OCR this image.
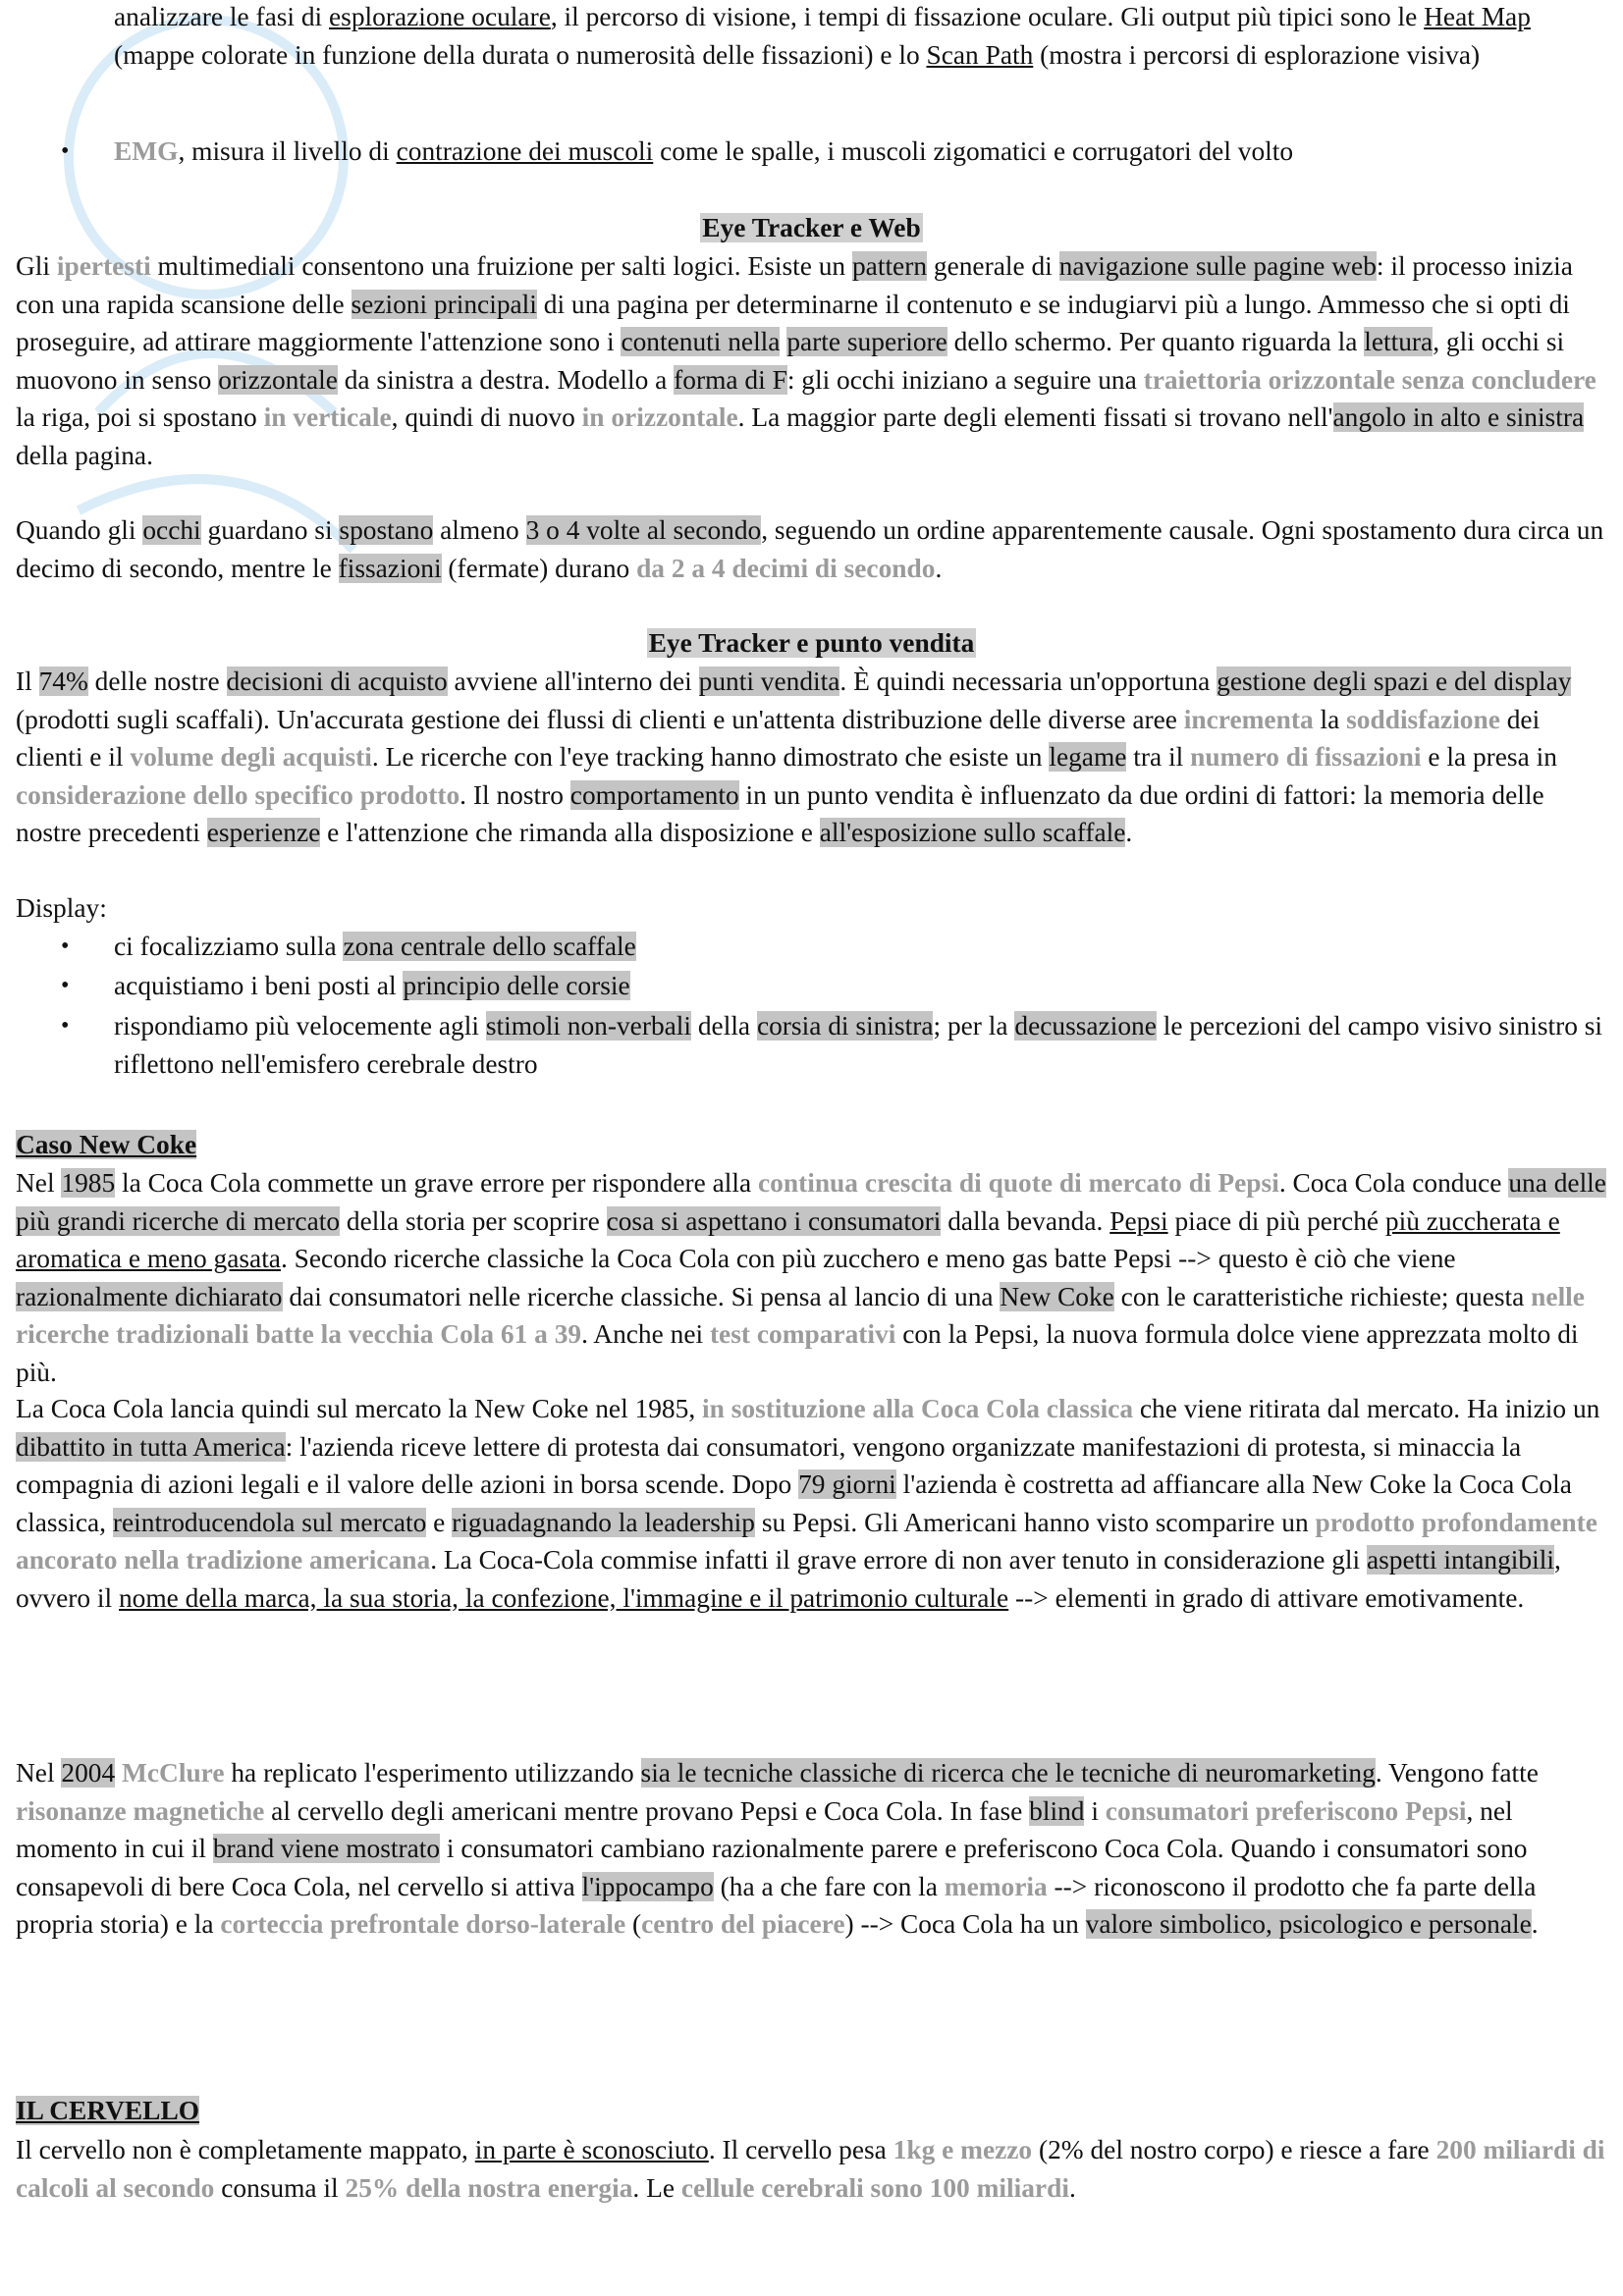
analizzare le fasi di esplorazione oculare, il percorso di visione, i tempi di fissazione oculare. Gli output più tipici sono le Heat Map (mappe colorate in funzione della durata o numerosità delle fissazioni) e lo Scan Path (mostra i percorsi di esplorazione visiva)
• EMG, misura il livello di contrazione dei muscoli come le spalle, i muscoli zigomatici e corrugatori del volto
Eye Tracker e Web
Gli ipertesti multimediali consentono una fruizione per salti logici. Esiste un pattern generale di navigazione sulle pagine web: il processo inizia con una rapida scansione delle sezioni principali di una pagina per determinarne il contenuto e se indugiarvi più a lungo. Ammesso che si opti di proseguire, ad attirare maggiormente l'attenzione sono i contenuti nella parte superiore dello schermo. Per quanto riguarda la lettura, gli occhi si muovono in senso orizzontale da sinistra a destra. Modello a forma di F: gli occhi iniziano a seguire una traiettoria orizzontale senza concludere la riga, poi si spostano in verticale, quindi di nuovo in orizzontale. La maggior parte degli elementi fissati si trovano nell'angolo in alto e sinistra della pagina.
Quando gli occhi guardano si spostano almeno 3 o 4 volte al secondo, seguendo un ordine apparentemente causale. Ogni spostamento dura circa un decimo di secondo, mentre le fissazioni (fermate) durano da 2 a 4 decimi di secondo.
Eye Tracker e punto vendita
Il 74% delle nostre decisioni di acquisto avviene all'interno dei punti vendita. È quindi necessaria un'opportuna gestione degli spazi e del display (prodotti sugli scaffali). Un'accurata gestione dei flussi di clienti e un'attenta distribuzione delle diverse aree incrementa la soddisfazione dei clienti e il volume degli acquisti. Le ricerche con l'eye tracking hanno dimostrato che esiste un legame tra il numero di fissazioni e la presa in considerazione dello specifico prodotto. Il nostro comportamento in un punto vendita è influenzato da due ordini di fattori: la memoria delle nostre precedenti esperienze e l'attenzione che rimanda alla disposizione e all'esposizione sullo scaffale.
Display:
• ci focalizziamo sulla zona centrale dello scaffale
• acquistiamo i beni posti al principio delle corsie
• rispondiamo più velocemente agli stimoli non-verbali della corsia di sinistra; per la decussazione le percezioni del campo visivo sinistro si riflettono nell'emisfero cerebrale destro
Caso New Coke
Nel 1985 la Coca Cola commette un grave errore per rispondere alla continua crescita di quote di mercato di Pepsi. Coca Cola conduce una delle più grandi ricerche di mercato della storia per scoprire cosa si aspettano i consumatori dalla bevanda. Pepsi piace di più perché più zuccherata e aromatica e meno gasata. Secondo ricerche classiche la Coca Cola con più zucchero e meno gas batte Pepsi --> questo è ciò che viene razionalmente dichiarato dai consumatori nelle ricerche classiche. Si pensa al lancio di una New Coke con le caratteristiche richieste; questa nelle ricerche tradizionali batte la vecchia Cola 61 a 39. Anche nei test comparativi con la Pepsi, la nuova formula dolce viene apprezzata molto di più.
La Coca Cola lancia quindi sul mercato la New Coke nel 1985, in sostituzione alla Coca Cola classica che viene ritirata dal mercato. Ha inizio un dibattito in tutta America: l'azienda riceve lettere di protesta dai consumatori, vengono organizzate manifestazioni di protesta, si minaccia la compagnia di azioni legali e il valore delle azioni in borsa scende. Dopo 79 giorni l'azienda è costretta ad affiancare alla New Coke la Coca Cola classica, reintroducendola sul mercato e riguadagnando la leadership su Pepsi. Gli Americani hanno visto scomparire un prodotto profondamente ancorato nella tradizione americana. La Coca-Cola commise infatti il grave errore di non aver tenuto in considerazione gli aspetti intangibili, ovvero il nome della marca, la sua storia, la confezione, l'immagine e il patrimonio culturale --> elementi in grado di attivare emotivamente.
Nel 2004 McClure ha replicato l'esperimento utilizzando sia le tecniche classiche di ricerca che le tecniche di neuromarketing. Vengono fatte risonanze magnetiche al cervello degli americani mentre provano Pepsi e Coca Cola. In fase blind i consumatori preferiscono Pepsi, nel momento in cui il brand viene mostrato i consumatori cambiano razionalmente parere e preferiscono Coca Cola. Quando i consumatori sono consapevoli di bere Coca Cola, nel cervello si attiva l'ippocampo (ha a che fare con la memoria --> riconoscono il prodotto che fa parte della propria storia) e la corteccia prefrontale dorso-laterale (centro del piacere) --> Coca Cola ha un valore simbolico, psicologico e personale.
IL CERVELLO
Il cervello non è completamente mappato, in parte è sconosciuto. Il cervello pesa 1kg e mezzo (2% del nostro corpo) e riesce a fare 200 miliardi di calcoli al secondo consuma il 25% della nostra energia. Le cellule cerebrali sono 100 miliardi.
